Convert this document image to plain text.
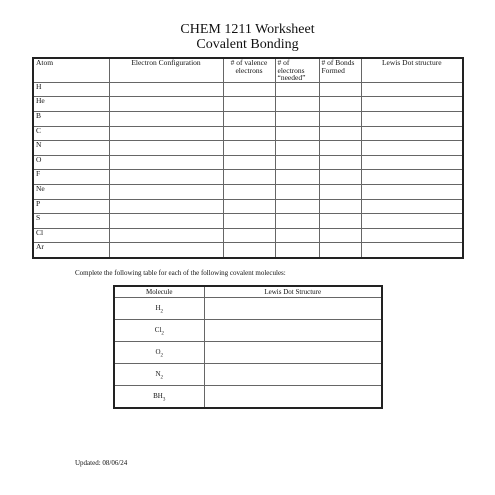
CHEM 1211 Worksheet
Covalent Bonding
Atom	Electron Configuration	# of valence electrons	# of electrons “needed”	# of Bonds Formed	Lewis Dot structure
H					
He					
B					
C					
N					
O					
F					
Ne					
P					
S					
Cl					
Ar					
Complete the following table for each of the following covalent molecules:
Molecule	Lewis Dot Structure
$H_2$	
$Cl_2$	
$O_2$	
$N_2$	
$BH_3$	
Updated: 08/06/24
